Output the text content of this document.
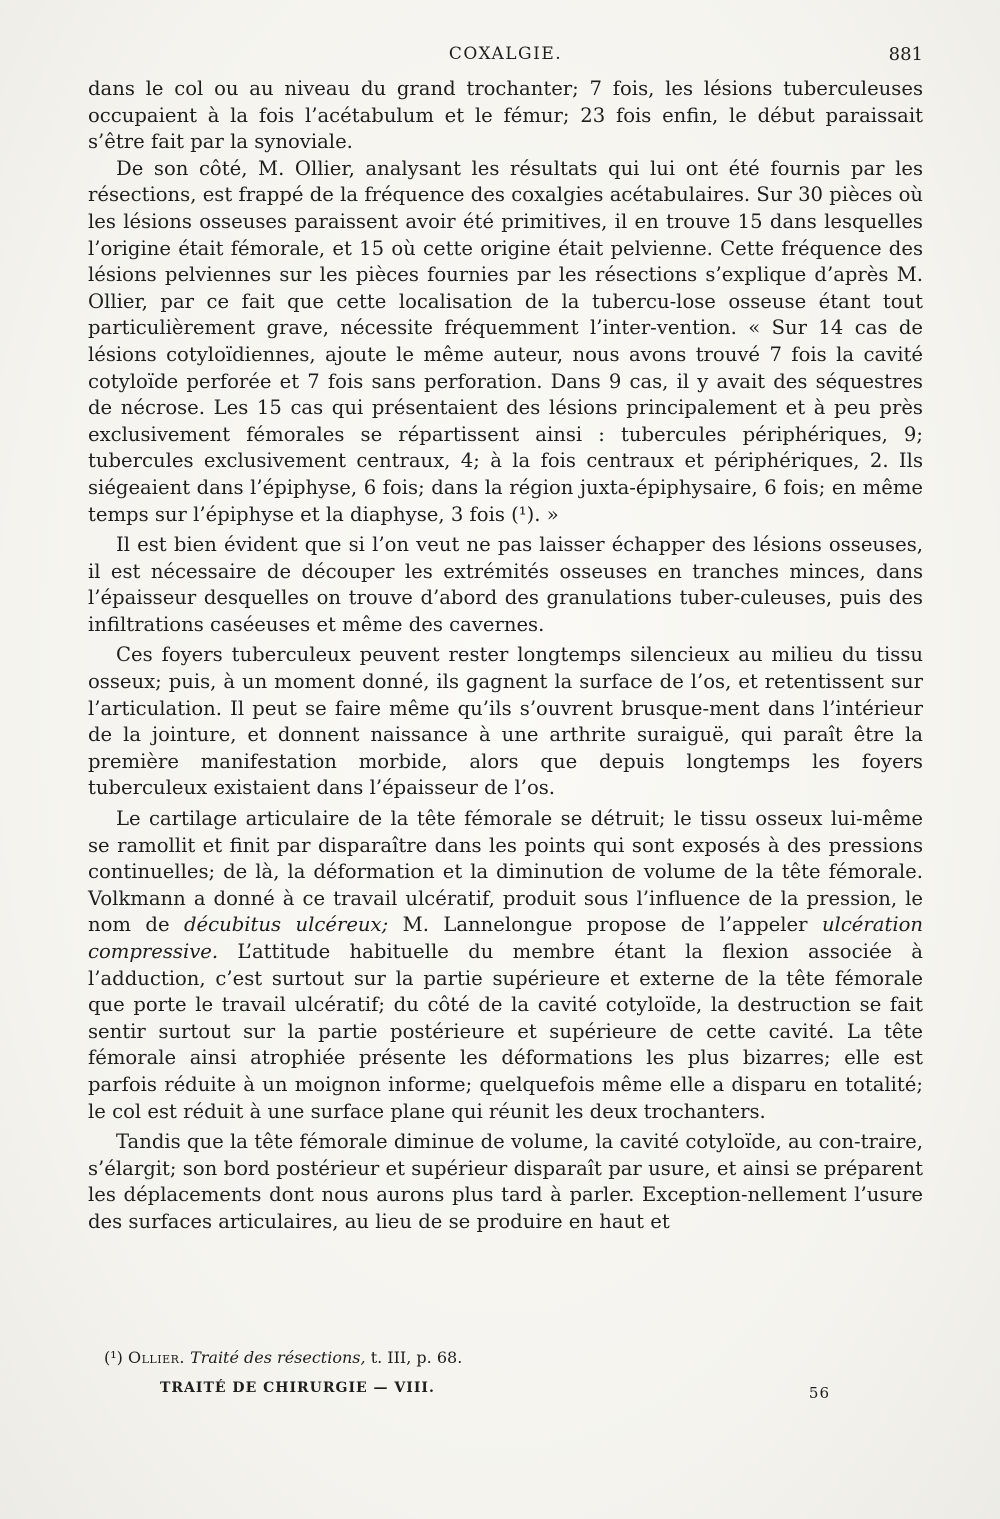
COXALGIE.	881

dans le col ou au niveau du grand trochanter; 7 fois, les lésions tuberculeuses occupaient à la fois l’acétabulum et le fémur; 23 fois enfin, le début paraissait s’être fait par la synoviale.

De son côté, M. Ollier, analysant les résultats qui lui ont été fournis par les résections, est frappé de la fréquence des coxalgies acétabulaires. Sur 30 pièces où les lésions osseuses paraissent avoir été primitives, il en trouve 15 dans lesquelles l’origine était fémorale, et 15 où cette origine était pelvienne. Cette fréquence des lésions pelviennes sur les pièces fournies par les résections s’explique d’après M. Ollier, par ce fait que cette localisation de la tubercu-lose osseuse étant tout particulièrement grave, nécessite fréquemment l’inter-vention. « Sur 14 cas de lésions cotyloïdiennes, ajoute le même auteur, nous avons trouvé 7 fois la cavité cotyloïde perforée et 7 fois sans perforation. Dans 9 cas, il y avait des séquestres de nécrose. Les 15 cas qui présentaient des lésions principalement et à peu près exclusivement fémorales se répartissent ainsi : tubercules périphériques, 9; tubercules exclusivement centraux, 4; à la fois centraux et périphériques, 2. Ils siégeaient dans l’épiphyse, 6 fois; dans la région juxta-épiphysaire, 6 fois; en même temps sur l’épiphyse et la diaphyse, 3 fois (¹). »

Il est bien évident que si l’on veut ne pas laisser échapper des lésions osseuses, il est nécessaire de découper les extrémités osseuses en tranches minces, dans l’épaisseur desquelles on trouve d’abord des granulations tuber-culeuses, puis des infiltrations caséeuses et même des cavernes.

Ces foyers tuberculeux peuvent rester longtemps silencieux au milieu du tissu osseux; puis, à un moment donné, ils gagnent la surface de l’os, et retentissent sur l’articulation. Il peut se faire même qu’ils s’ouvrent brusque-ment dans l’intérieur de la jointure, et donnent naissance à une arthrite suraiguë, qui paraît être la première manifestation morbide, alors que depuis longtemps les foyers tuberculeux existaient dans l’épaisseur de l’os.

Le cartilage articulaire de la tête fémorale se détruit; le tissu osseux lui-même se ramollit et finit par disparaître dans les points qui sont exposés à des pressions continuelles; de là, la déformation et la diminution de volume de la tête fémorale. Volkmann a donné à ce travail ulcératif, produit sous l’influence de la pression, le nom de décubitus ulcéreux; M. Lannelongue propose de l’appeler ulcération compressive. L’attitude habituelle du membre étant la flexion associée à l’adduction, c’est surtout sur la partie supérieure et externe de la tête fémorale que porte le travail ulcératif; du côté de la cavité cotyloïde, la destruction se fait sentir surtout sur la partie postérieure et supérieure de cette cavité. La tête fémorale ainsi atrophiée présente les déformations les plus bizarres; elle est parfois réduite à un moignon informe; quelquefois même elle a disparu en totalité; le col est réduit à une surface plane qui réunit les deux trochanters.

Tandis que la tête fémorale diminue de volume, la cavité cotyloïde, au con-traire, s’élargit; son bord postérieur et supérieur disparaît par usure, et ainsi se préparent les déplacements dont nous aurons plus tard à parler. Exception-nellement l’usure des surfaces articulaires, au lieu de se produire en haut et

(¹) Ollier. Traité des résections, t. III, p. 68.
TRAITÉ DE CHIRURGIE — VIII.	56
